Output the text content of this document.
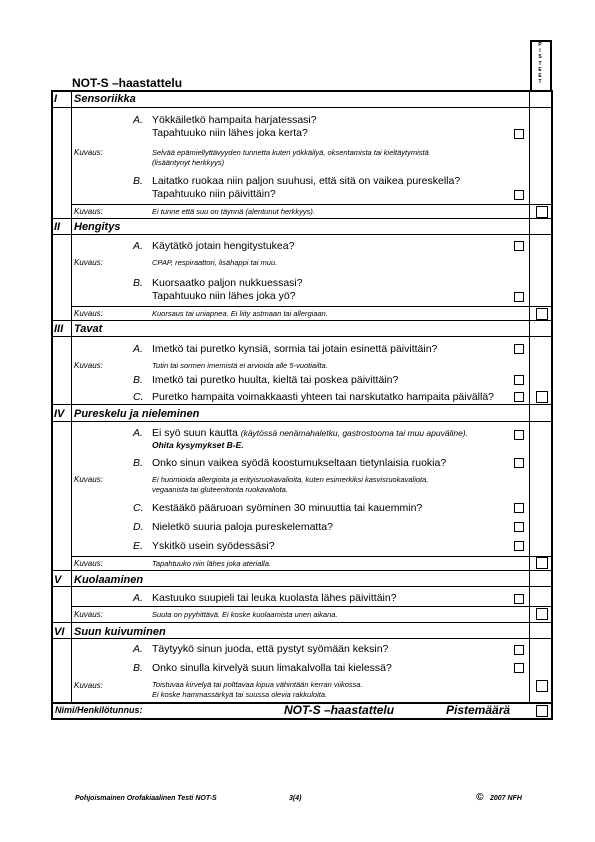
NOT-S –haastattelu
P
I
S
T
E
E
T
I Sensoriikka
A. Yökkäiletkö hampaita harjatessasi?
Tapahtuuko niin lähes joka kerta?
Kuvaus:	Selvää epämiellyttävyyden tunnetta kuten yökkäilyä, oksentamista tai kieltäytymistä
(lisääntynyt herkkyys)
B. Laitatko ruokaa niin paljon suuhusi, että sitä on vaikea pureskella?
Tapahtuuko niin päivittäin?
Kuvaus:	Ei tunne että suu on täynnä (alentunut herkkyys).
II Hengitys
A. Käytätkö jotain hengitystukea?
Kuvaus:	CPAP, respiraattori, lisähappi tai muu.
B. Kuorsaatko paljon nukkuessasi?
Tapahtuuko niin lähes joka yö?
Kuvaus:	Kuorsaus tai uniapnea. Ei liity astmaan tai allergiaan.
III Tavat
A. Imetkö tai puretko kynsiä, sormia tai jotain esinettä päivittäin?
Kuvaus:	Tutin tai sormen imemistä ei arvioida alle 5-vuotiailta.
B. Imetkö tai puretko huulta, kieltä tai poskea päivittäin?
C. Puretko hampaita voimakkaasti yhteen tai narskutatko hampaita päivällä?
IV Pureskelu ja nieleminen
A. Ei syö suun kautta (käytössä nenämahaletku, gastrostooma tai muu apuväline).
Ohita kysymykset B-E.
B. Onko sinun vaikea syödä koostumukseltaan tietynlaisia ruokia?
Kuvaus:	Ei huomioida allergioita ja erityisruokavalioita, kuten esimerkiksi kasvisruokavaliota,
vegaanista tai gluteenitonta ruokavaliota.
C. Kestääkö pääruoan syöminen 30 minuuttia tai kauemmin?
D. Nieletkö suuria paloja pureskelematta?
E. Yskitkö usein syödessäsi?
Kuvaus:	Tapahtuuko niin lähes joka aterialla.
V Kuolaaminen
A. Kastuuko suupieli tai leuka kuolasta lähes päivittäin?
Kuvaus:	Suuta on pyyhittävä. Ei koske kuolaamista unen aikana.
VI Suun kuivuminen
A. Täytyykö sinun juoda, että pystyt syömään keksin?
B. Onko sinulla kirvelyä suun limakalvolla tai kielessä?
Kuvaus:	Toistuvaa kirvelyä tai polttavaa kipua vähintään kerran viikossa.
Ei koske hammassärkyä tai suussa olevia rakkuloita.
Nimi/Henkilötunnus:	NOT-S –haastattelu	Pistemäärä
Pohjoismainen Orofakiaalinen Testi NOT-S	3(4)	© 2007 NFH
